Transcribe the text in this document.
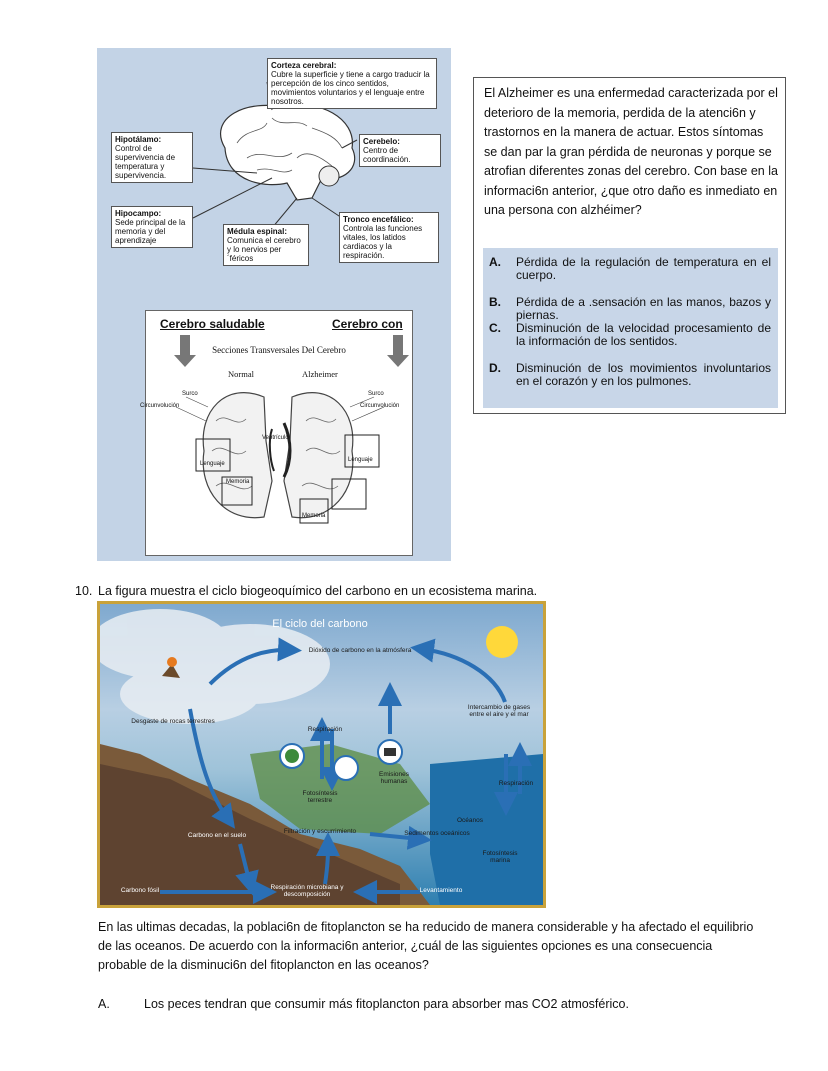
Corteza cerebral:
Cubre la superficie y tiene a cargo traducir la percepción de los cinco sentidos, movimientos voluntarios y el lenguaje entre nosotros.
Hipotálamo:
Control de supervivencia de temperatura y supervivencia.
Cerebelo:
Centro de coordinación.
Hipocampo:
Sede principal de la memoria y del aprendizaje
Médula espinal:
Comunica el cerebro y lo nervios per´féricos
Tronco encefálico:
Controla las funciones vitales, los latidos cardiacos y la respiración.
Cerebro saludable	Cerebro con
Secciones Transversales Del Cerebro
Normal	Alzheimer
Surco	Surco
Circunvolución	Circunvolución
Ventrículo
Lenguaje
Lenguaje
Memoria
Memoria
El Alzheimer es una enfermedad caracterizada por el deterioro de la memoria, perdida de la atenci6n y trastornos en la manera de actuar. Estos síntomas se dan par la gran pérdida de neuronas y porque se atrofian diferentes zonas del cerebro. Con base en la informaci6n anterior, ¿que otro daño es inmediato en una persona con alzhéimer?
A.	Pérdida de la regulación de temperatura en el cuerpo.
B.	Pérdida de a .sensación en las manos, bazos y piernas.
C.	Disminución de la velocidad procesamiento de la información de los sentidos.
D.	Disminución de los movimientos involuntarios en el corazón y en los pulmones.
10. La figura muestra el ciclo biogeoquímico del carbono en un ecosistema marina.
El ciclo del carbono
Dióxido de carbono en la atmósfera
Intercambio de gases entre el aire y el mar
Desgaste de rocas terrestres
Respiración
Emisiones humanas
Fotosíntesis terrestre
Respiración
Océanos
Carbono en el suelo
Filtración y escurrimiento	Sedimentos oceánicos
Fotosíntesis marina
Carbono fósil	Respiración microbiana y descomposición
Levantamiento
En las ultimas decadas, la poblaci6n de fitoplancton se ha reducido de manera considerable y ha afectado el equilibrio de las oceanos. De acuerdo con la informaci6n anterior, ¿cuál de las siguientes opciones es una consecuencia probable de la disminuci6n del fitoplancton en las oceanos?
A.	Los peces tendran que consumir más fitoplancton para absorber mas CO2 atmosférico.
